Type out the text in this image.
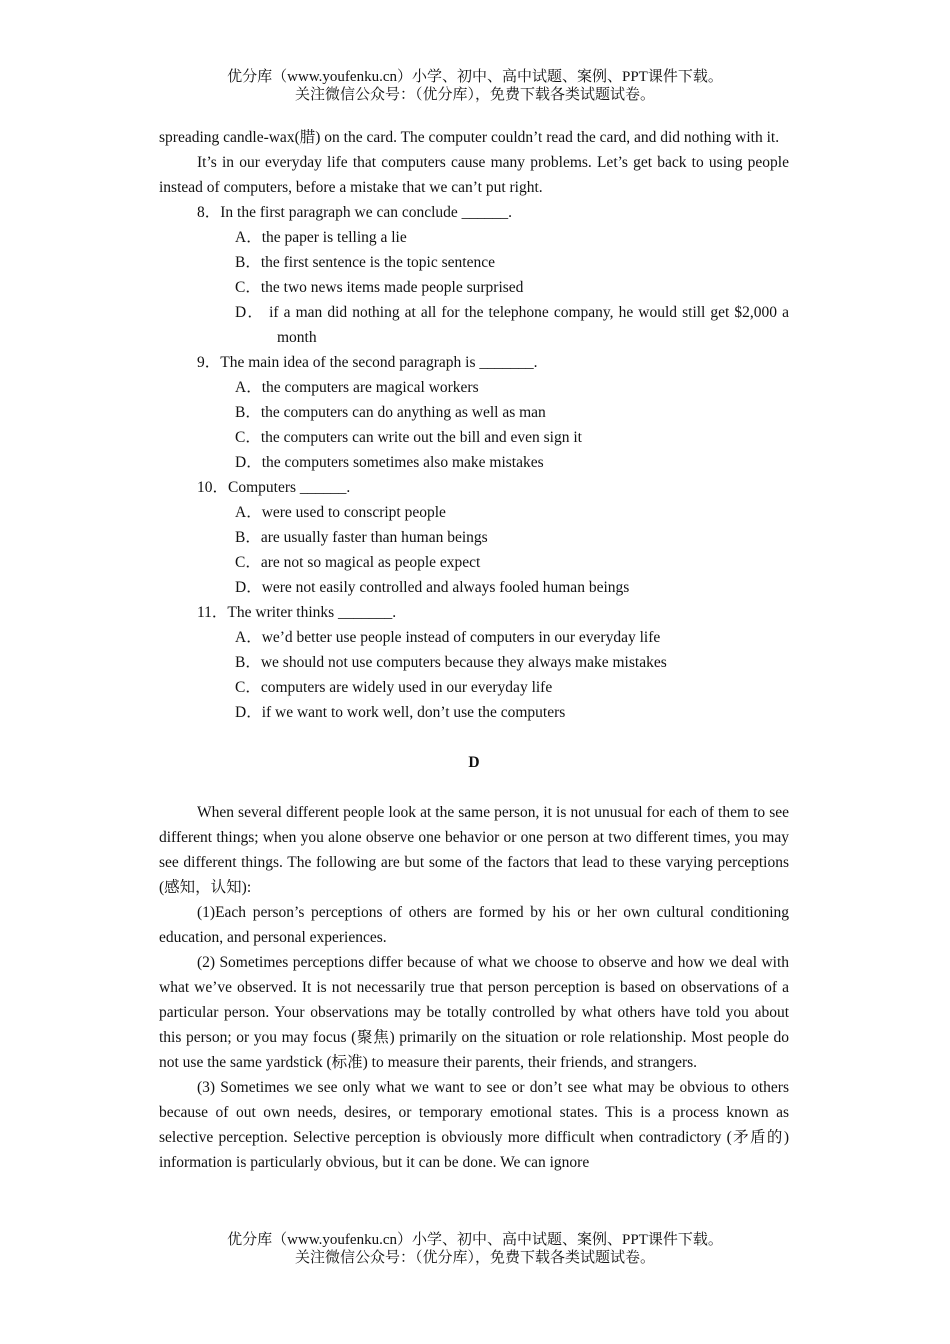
优分库（www.youfenku.cn）小学、初中、高中试题、案例、PPT课件下载。
关注微信公众号：（优分库），免费下载各类试题试卷。

spreading candle-wax(腊) on the card. The computer couldn’t read the card, and did nothing with it.

It’s in our everyday life that computers cause many problems. Let’s get back to using people instead of computers, before a mistake that we can’t put right.

8．In the first paragraph we can conclude ______.

A．the paper is telling a lie

B．the first sentence is the topic sentence

C．the two news items made people surprised

D． if a man did nothing at all for the telephone company, he would still get $2,000 a month

9．The main idea of the second paragraph is _______.

A．the computers are magical workers

B．the computers can do anything as well as man

C．the computers can write out the bill and even sign it

D．the computers sometimes also make mistakes

10．Computers ______.

A．were used to conscript people

B．are usually faster than human beings

C．are not so magical as people expect

D．were not easily controlled and always fooled human beings

11．The writer thinks _______.

A．we’d better use people instead of computers in our everyday life

B．we should not use computers because they always make mistakes

C．computers are widely used in our everyday life

D．if we want to work well, don’t use the computers

D

When several different people look at the same person, it is not unusual for each of them to see different things; when you alone observe one behavior or one person at two different times, you may see different things. The following are but some of the factors that lead to these varying perceptions (感知，认知):

(1)Each person’s perceptions of others are formed by his or her own cultural conditioning education, and personal experiences.

(2) Sometimes perceptions differ because of what we choose to observe and how we deal with what we’ve observed. It is not necessarily true that person perception is based on observations of a particular person. Your observations may be totally controlled by what others have told you about this person; or you may focus (聚焦) primarily on the situation or role relationship. Most people do not use the same yardstick (标准) to measure their parents, their friends, and strangers.

(3) Sometimes we see only what we want to see or don’t see what may be obvious to others because of out own needs, desires, or temporary emotional states. This is a process known as selective perception. Selective perception is obviously more difficult when contradictory (矛盾的) information is particularly obvious, but it can be done. We can ignore

优分库（www.youfenku.cn）小学、初中、高中试题、案例、PPT课件下载。
关注微信公众号：（优分库），免费下载各类试题试卷。
